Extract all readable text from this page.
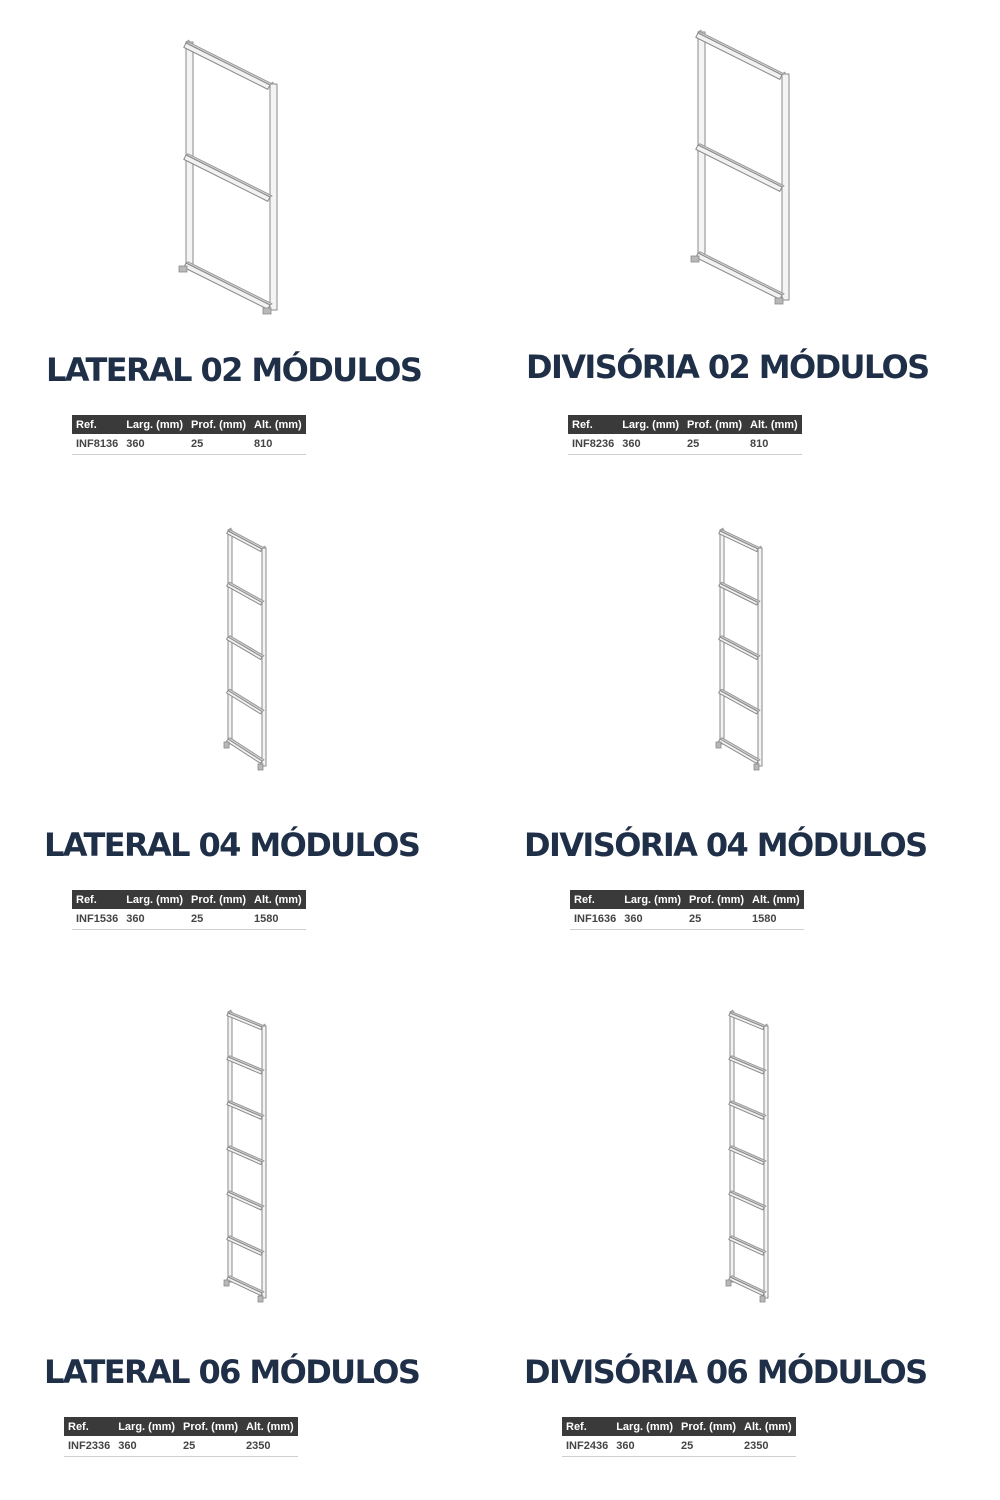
LATERAL 02 MÓDULOS
Ref.	Larg. (mm)	Prof. (mm)	Alt. (mm)
INF8136	360	25	810
DIVISÓRIA 02 MÓDULOS
Ref.	Larg. (mm)	Prof. (mm)	Alt. (mm)
INF8236	360	25	810
LATERAL 04 MÓDULOS
Ref.	Larg. (mm)	Prof. (mm)	Alt. (mm)
INF1536	360	25	1580
DIVISÓRIA 04 MÓDULOS
Ref.	Larg. (mm)	Prof. (mm)	Alt. (mm)
INF1636	360	25	1580
LATERAL 06 MÓDULOS
Ref.	Larg. (mm)	Prof. (mm)	Alt. (mm)
INF2336	360	25	2350
DIVISÓRIA 06 MÓDULOS
Ref.	Larg. (mm)	Prof. (mm)	Alt. (mm)
INF2436	360	25	2350
